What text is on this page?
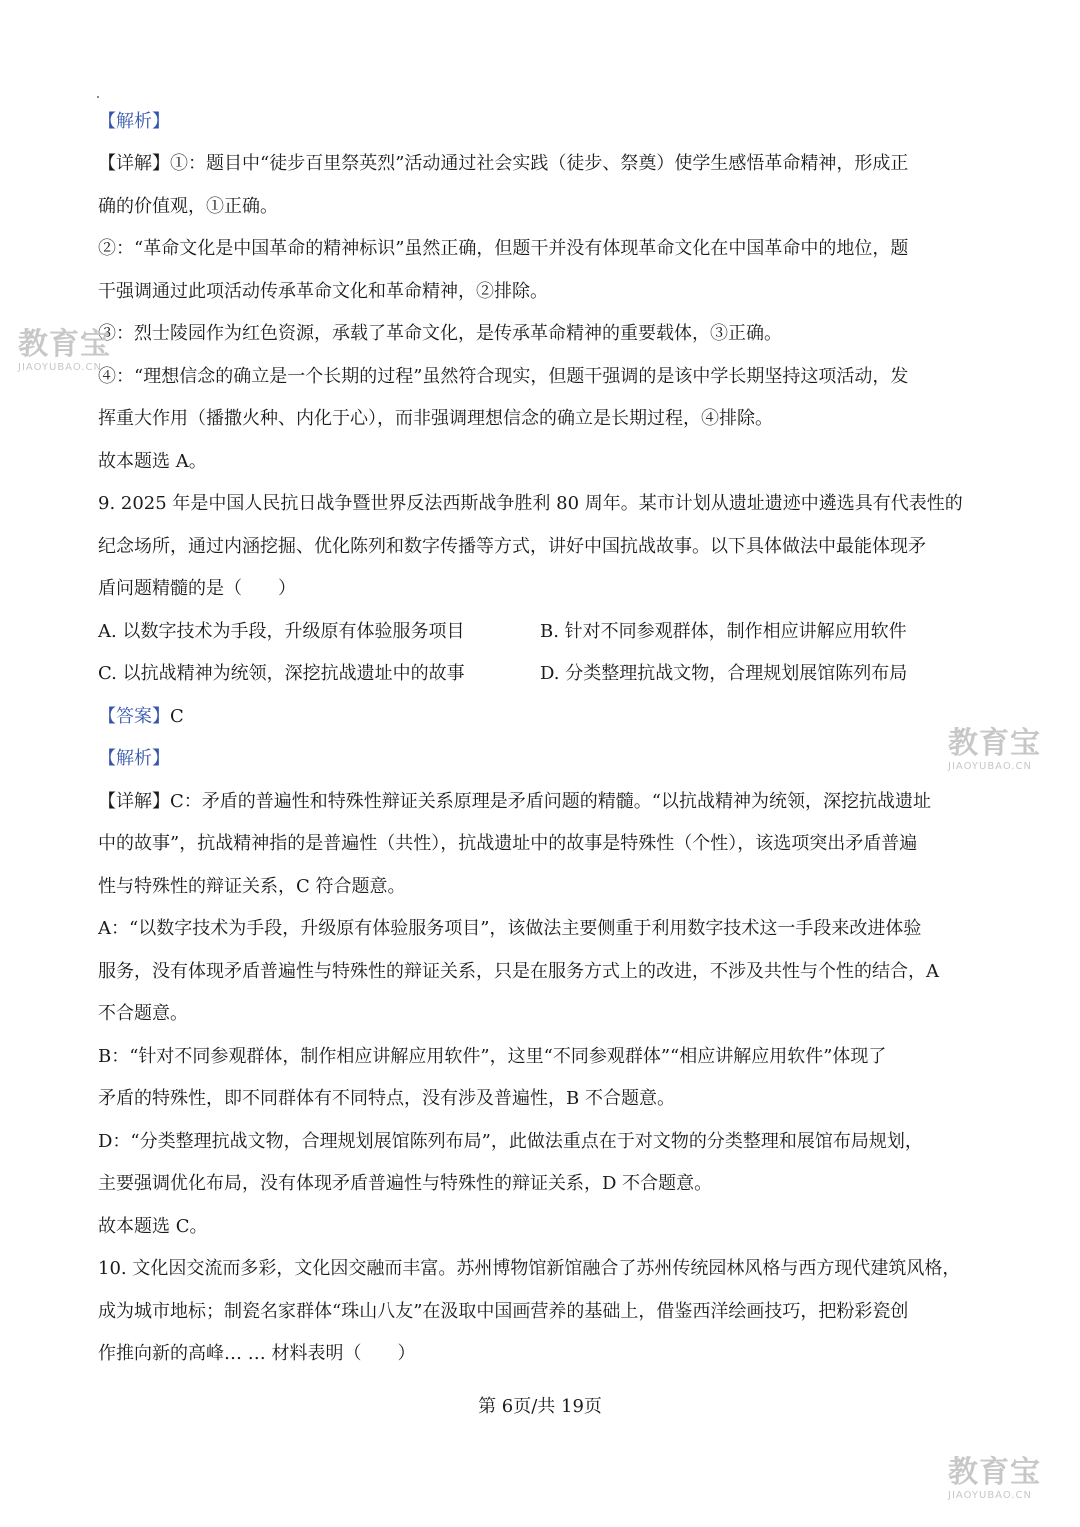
【解析】
【详解】①：题目中“徒步百里祭英烈”活动通过社会实践（徒步、祭奠）使学生感悟革命精神，形成正
确的价值观，①正确。
②：“革命文化是中国革命的精神标识”虽然正确，但题干并没有体现革命文化在中国革命中的地位，题
干强调通过此项活动传承革命文化和革命精神，②排除。
③：烈士陵园作为红色资源，承载了革命文化，是传承革命精神的重要载体，③正确。
④：“理想信念的确立是一个长期的过程”虽然符合现实，但题干强调的是该中学长期坚持这项活动，发
挥重大作用（播撒火种、内化于心），而非强调理想信念的确立是长期过程，④排除。
故本题选 A。
9. 2025 年是中国人民抗日战争暨世界反法西斯战争胜利 80 周年。某市计划从遗址遗迹中遴选具有代表性的
纪念场所，通过内涵挖掘、优化陈列和数字传播等方式，讲好中国抗战故事。以下具体做法中最能体现矛
盾问题精髓的是（　　）
A. 以数字技术为手段，升级原有体验服务项目	B. 针对不同参观群体，制作相应讲解应用软件
C. 以抗战精神为统领，深挖抗战遗址中的故事	D. 分类整理抗战文物，合理规划展馆陈列布局
【答案】C
【解析】
【详解】C：矛盾的普遍性和特殊性辩证关系原理是矛盾问题的精髓。“以抗战精神为统领，深挖抗战遗址
中的故事”，抗战精神指的是普遍性（共性），抗战遗址中的故事是特殊性（个性），该选项突出矛盾普遍
性与特殊性的辩证关系，C 符合题意。
A：“以数字技术为手段，升级原有体验服务项目”，该做法主要侧重于利用数字技术这一手段来改进体验
服务，没有体现矛盾普遍性与特殊性的辩证关系，只是在服务方式上的改进，不涉及共性与个性的结合，A
不合题意。
B：“针对不同参观群体，制作相应讲解应用软件”，这里“不同参观群体”“相应讲解应用软件”体现了
矛盾的特殊性，即不同群体有不同特点，没有涉及普遍性，B 不合题意。
D：“分类整理抗战文物，合理规划展馆陈列布局”，此做法重点在于对文物的分类整理和展馆布局规划，
主要强调优化布局，没有体现矛盾普遍性与特殊性的辩证关系，D 不合题意。
故本题选 C。
10. 文化因交流而多彩，文化因交融而丰富。苏州博物馆新馆融合了苏州传统园林风格与西方现代建筑风格，
成为城市地标；制瓷名家群体“珠山八友”在汲取中国画营养的基础上，借鉴西洋绘画技巧，把粉彩瓷创
作推向新的高峰… … 材料表明（　　）
第 6页/共 19页
教育宝
JIAOYUBAO.CN
教育宝
JIAOYUBAO.CN
教育宝
JIAOYUBAO.CN
